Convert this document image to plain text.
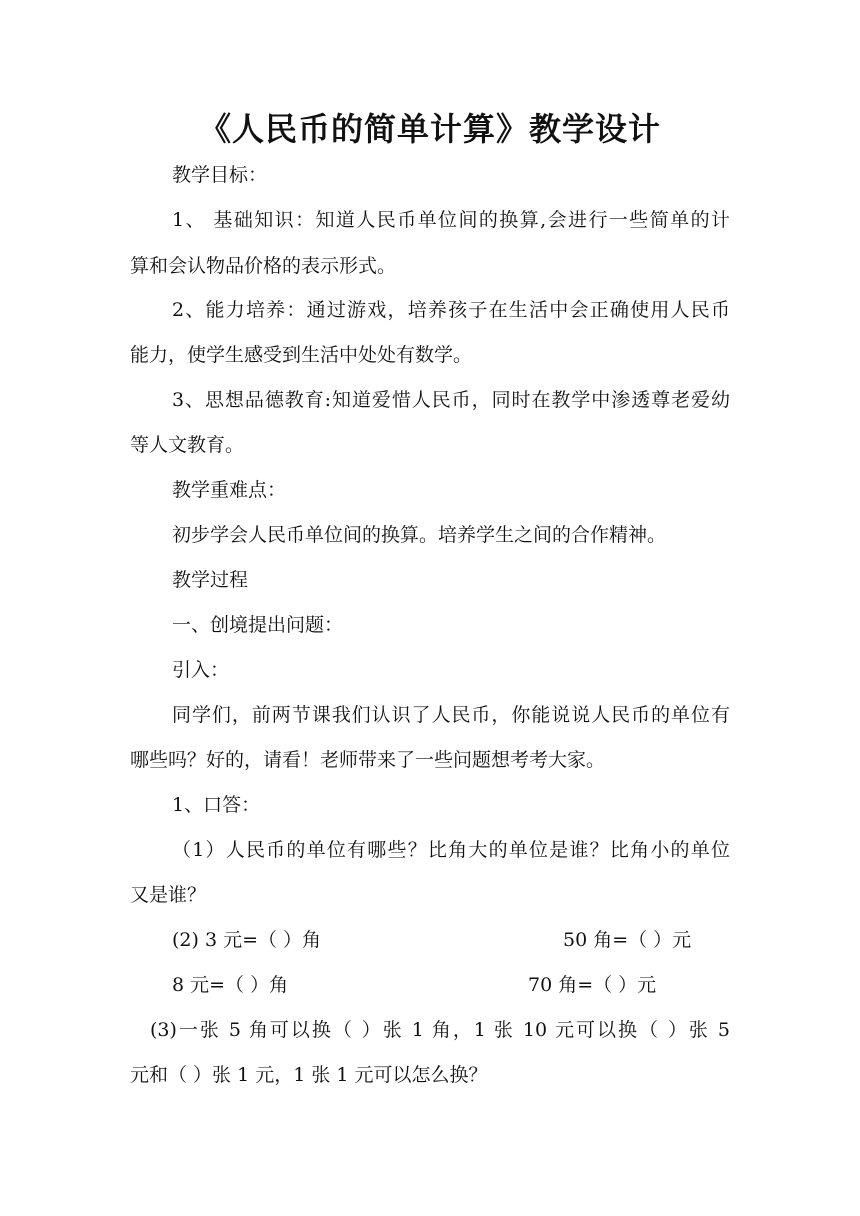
《人民币的简单计算》教学设计
教学目标：
1、 基础知识：知道人民币单位间的换算,会进行一些简单的计
算和会认物品价格的表示形式。
2、能力培养：通过游戏，培养孩子在生活中会正确使用人民币
能力，使学生感受到生活中处处有数学。
3、思想品德教育:知道爱惜人民币，同时在教学中渗透尊老爱幼
等人文教育。
教学重难点：
初步学会人民币单位间的换算。培养学生之间的合作精神。
教学过程
一、创境提出问题：
引入：
同学们，前两节课我们认识了人民币，你能说说人民币的单位有
哪些吗？好的，请看！老师带来了一些问题想考考大家。
1、口答：
（1）人民币的单位有哪些？比角大的单位是谁？比角小的单位
又是谁？
(2) 3 元=（ ）角	50 角=（ ）元
8 元=（ ）角	70 角=（ ）元
(3)一张 5 角可以换（ ）张 1 角，1 张 10 元可以换（ ）张 5
元和（ ）张 1 元，1 张 1 元可以怎么换？
